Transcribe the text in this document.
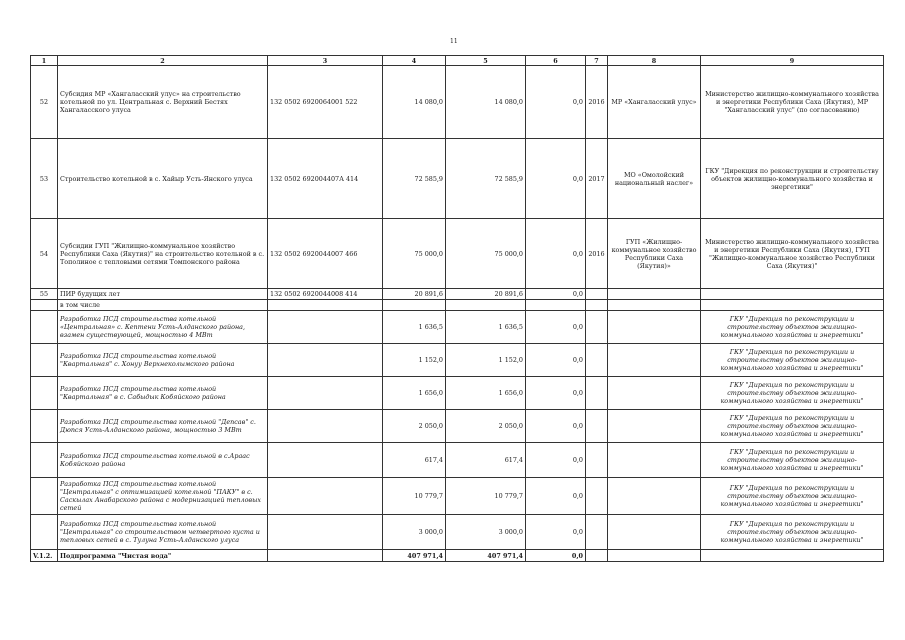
11
1	2	3	4	5	6	7	8	9
52	Субсидия МР «Хангаласский улус» на строительство котельной по ул. Центральная с. Верхний Бестях Хангаласского улуса	132 0502 6920064001 522	14 080,0	14 080,0	0,0	2016	МР «Хангаласский улус»	Министерство жилищно-коммунального хозяйства и энергетики Республики Саха (Якутия), МР "Хангаласский улус" (по согласованию)
53	Строительство котельной в с. Хайыр Усть-Янского улуса	132 0502 692004407А 414	72 585,9	72 585,9	0,0	2017	МО «Омолойский национальный наслег»	ГКУ "Дирекция по реконструкции и строительству объектов жилищно-коммунального хозяйства и энергетики"
54	Субсидии ГУП "Жилищно-коммунальное хозяйство Республики Саха (Якутия)" на строительство котельной в с. Тополиное с тепловыми сетями Томпонского района	132 0502 6920044007 466	75 000,0	75 000,0	0,0	2016	ГУП «Жилищно-коммунальное хозяйство Республики Саха (Якутия)»	Министерство жилищно-коммунального хозяйства и энергетики Республики Саха (Якутия), ГУП "Жилищно-коммунальное хозяйство Республики Саха (Якутия)"
55	ПИР будущих лет	132 0502 6920044008 414	20 891,6	20 891,6	0,0			
	в том числе							
	Разработка ПСД строительства котельной «Центральная» с. Кептени Усть-Алданского района, взамен существующей, мощностью 4 МВт		1 636,5	1 636,5	0,0			ГКУ "Дирекция по реконструкции и строительству объектов жилищно-коммунального хозяйства и энергетики"
	Разработка ПСД строительства котельной "Квартальная" с. Хонуу Верхнеколымского района		1 152,0	1 152,0	0,0			ГКУ "Дирекция по реконструкции и строительству объектов жилищно-коммунального хозяйства и энергетики"
	Разработка ПСД строительства котельной "Квартальная" в с. Сабыдык Кобяйского района		1 656,0	1 656,0	0,0			ГКУ "Дирекция по реконструкции и строительству объектов жилищно-коммунального хозяйства и энергетики"
	Разработка ПСД строительства котельной "Депсав" с. Дюпся Усть-Алданского района, мощностью 3 МВт		2 050,0	2 050,0	0,0			ГКУ "Дирекция по реконструкции и строительству объектов жилищно-коммунального хозяйства и энергетики"
	Разработка ПСД строительства котельной в с.Араас Кобяйского района		617,4	617,4	0,0			ГКУ "Дирекция по реконструкции и строительству объектов жилищно-коммунального хозяйства и энергетики"
	Разработка ПСД строительства котельной "Центральная" с оптимизацией котельной "ПАКУ" в с. Саскылах Анабарского района с модернизацией тепловых сетей		10 779,7	10 779,7	0,0			ГКУ "Дирекция по реконструкции и строительству объектов жилищно-коммунального хозяйства и энергетики"
	Разработка ПСД строительства котельной "Центральная" со строительством четвертого куста и тепловых сетей в с. Тулуна Усть-Алданского улуса		3 000,0	3 000,0	0,0			ГКУ "Дирекция по реконструкции и строительству объектов жилищно-коммунального хозяйства и энергетики"
V.1.2.	Подпрограмма "Чистая вода"		407 971,4	407 971,4	0,0			
